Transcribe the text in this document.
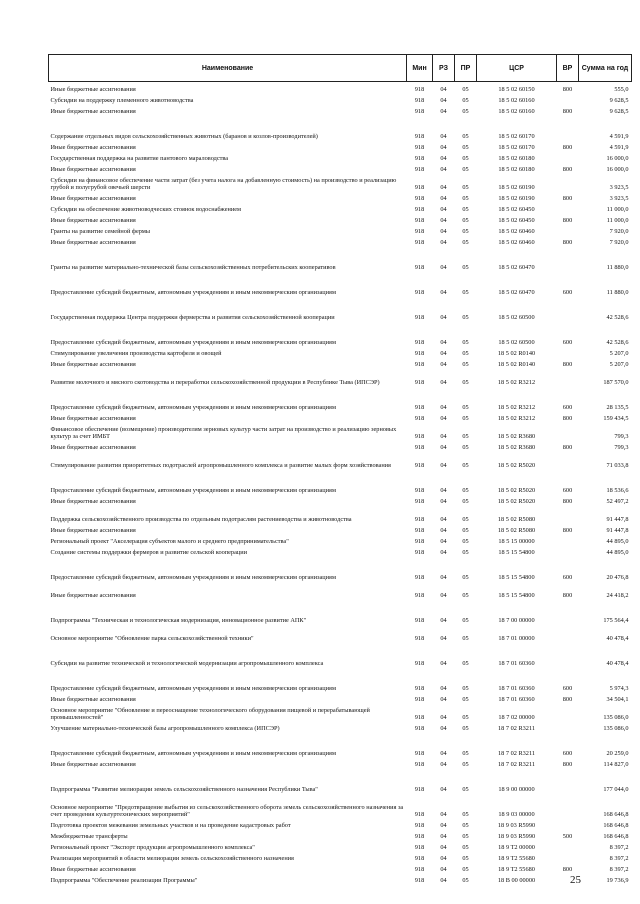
Наименование	Мин	РЗ	ПР	ЦСР	ВР	Сумма на год
Иные бюджетные ассигнования	918	04	05	18 5 02 60150	800	555,0
Субсидии на поддержку племенного животноводства	918	04	05	18 5 02 60160		9 628,5
Иные бюджетные ассигнования	918	04	05	18 5 02 60160	800	9 628,5
Содержание отдельных видов сельскохозяйственных животных (баранов и козлов-производителей)	918	04	05	18 5 02 60170		4 591,9
Иные бюджетные ассигнования	918	04	05	18 5 02 60170	800	4 591,9
Государственная поддержка на развитие пантового мараловодства	918	04	05	18 5 02 60180		16 000,0
Иные бюджетные ассигнования	918	04	05	18 5 02 60180	800	16 000,0
Субсидии на финансовое обеспечение части затрат (без учета налога на добавленную стоимость) на производство и реализацию грубой и полугрубой овечьей шерсти	918	04	05	18 5 02 60190		3 923,5
Иные бюджетные ассигнования	918	04	05	18 5 02 60190	800	3 923,5
Субсидии на обеспечение животноводческих стоянок водоснабжением	918	04	05	18 5 02 60450		11 000,0
Иные бюджетные ассигнования	918	04	05	18 5 02 60450	800	11 000,0
Гранты на развитие семейной фермы	918	04	05	18 5 02 60460		7 920,0
Иные бюджетные ассигнования	918	04	05	18 5 02 60460	800	7 920,0
Гранты на развитие материально-технической базы сельскохозяйственных потребительских кооперативов	918	04	05	18 5 02 60470		11 880,0
Предоставление субсидий бюджетным, автономным учреждениям и иным некоммерческим организациям	918	04	05	18 5 02 60470	600	11 880,0
Государственная поддержка Центра поддержки фермерства и развития сельскохозяйственной кооперации	918	04	05	18 5 02 60500		42 528,6
Предоставление субсидий бюджетным, автономным учреждениям и иным некоммерческим организациям	918	04	05	18 5 02 60500	600	42 528,6
Стимулирование увеличения производства картофеля и овощей	918	04	05	18 5 02 R0140		5 207,0
Иные бюджетные ассигнования	918	04	05	18 5 02 R0140	800	5 207,0
Развитие молочного и мясного скотоводства и переработки сельскохозяйственной продукции в Республике Тыва (ИПСЭР)	918	04	05	18 5 02 R3212		187 570,0
Предоставление субсидий бюджетным, автономным учреждениям и иным некоммерческим организациям	918	04	05	18 5 02 R3212	600	28 135,5
Иные бюджетные ассигнования	918	04	05	18 5 02 R3212	800	159 434,5
Финансовое обеспечение (возмещение) производителям зерновых культур части затрат на производство и реализацию зерновых культур за счет ИМБТ	918	04	05	18 5 02 R3680		799,3
Иные бюджетные ассигнования	918	04	05	18 5 02 R3680	800	799,3
Стимулирование развития приоритетных подотраслей агропромышленного комплекса и развитие малых форм хозяйствования	918	04	05	18 5 02 R5020		71 033,8
Предоставление субсидий бюджетным, автономным учреждениям и иным некоммерческим организациям	918	04	05	18 5 02 R5020	600	18 536,6
Иные бюджетные ассигнования	918	04	05	18 5 02 R5020	800	52 497,2
Поддержка сельскохозяйственного производства по отдельным подотраслям растениеводства и животноводства	918	04	05	18 5 02 R5080		91 447,8
Иные бюджетные ассигнования	918	04	05	18 5 02 R5080	800	91 447,8
Региональный проект "Акселерация субъектов малого и среднего предпринимательства"	918	04	05	18 5 15 00000		44 895,0
Создание системы поддержки фермеров и развитие сельской кооперации	918	04	05	18 5 15 54800		44 895,0
Предоставление субсидий бюджетным, автономным учреждениям и иным некоммерческим организациям	918	04	05	18 5 15 54800	600	20 476,8
Иные бюджетные ассигнования	918	04	05	18 5 15 54800	800	24 418,2
Подпрограмма "Техническая и технологическая модернизация, инновационное развитие АПК"	918	04	05	18 7 00 00000		175 564,4
Основное мероприятие "Обновление парка сельскохозяйственной техники"	918	04	05	18 7 01 00000		40 478,4
Субсидии на развитие технической и технологической модернизации агропромышленного комплекса	918	04	05	18 7 01 60360		40 478,4
Предоставление субсидий бюджетным, автономным учреждениям и иным некоммерческим организациям	918	04	05	18 7 01 60360	600	5 974,3
Иные бюджетные ассигнования	918	04	05	18 7 01 60360	800	34 504,1
Основное мероприятие "Обновление и переоснащение технологического оборудования пищевой и перерабатывающей промышленностей"	918	04	05	18 7 02 00000		135 086,0
Улучшение материально-технической базы агропромышленного комплекса (ИПСЭР)	918	04	05	18 7 02 R3211		135 086,0
Предоставление субсидий бюджетным, автономным учреждениям и иным некоммерческим организациям	918	04	05	18 7 02 R3211	600	20 259,0
Иные бюджетные ассигнования	918	04	05	18 7 02 R3211	800	114 827,0
Подпрограмма "Развитие мелиорации земель сельскохозяйственного назначения Республики Тыва"	918	04	05	18 9 00 00000		177 044,0
Основное мероприятие "Предотвращение выбытия из сельскохозяйственного оборота земель сельскохозяйственного назначения за счет проведения культуртехнических мероприятий"	918	04	05	18 9 03 00000		168 646,8
Подготовка проектов межевания земельных участков и на проведение кадастровых работ	918	04	05	18 9 03 R5990		168 646,8
Межбюджетные трансферты	918	04	05	18 9 03 R5990	500	168 646,8
Региональный проект "Экспорт продукции агропромышленного комплекса"	918	04	05	18 9 T2 00000		8 397,2
Реализация мероприятий в области мелиорации земель сельскохозяйственного назначения	918	04	05	18 9 T2 55680		8 397,2
Иные бюджетные ассигнования	918	04	05	18 9 T2 55680	800	8 397,2
Подпрограмма "Обеспечение реализации Программы"	918	04	05	18 B 00 00000		19 736,9
25
